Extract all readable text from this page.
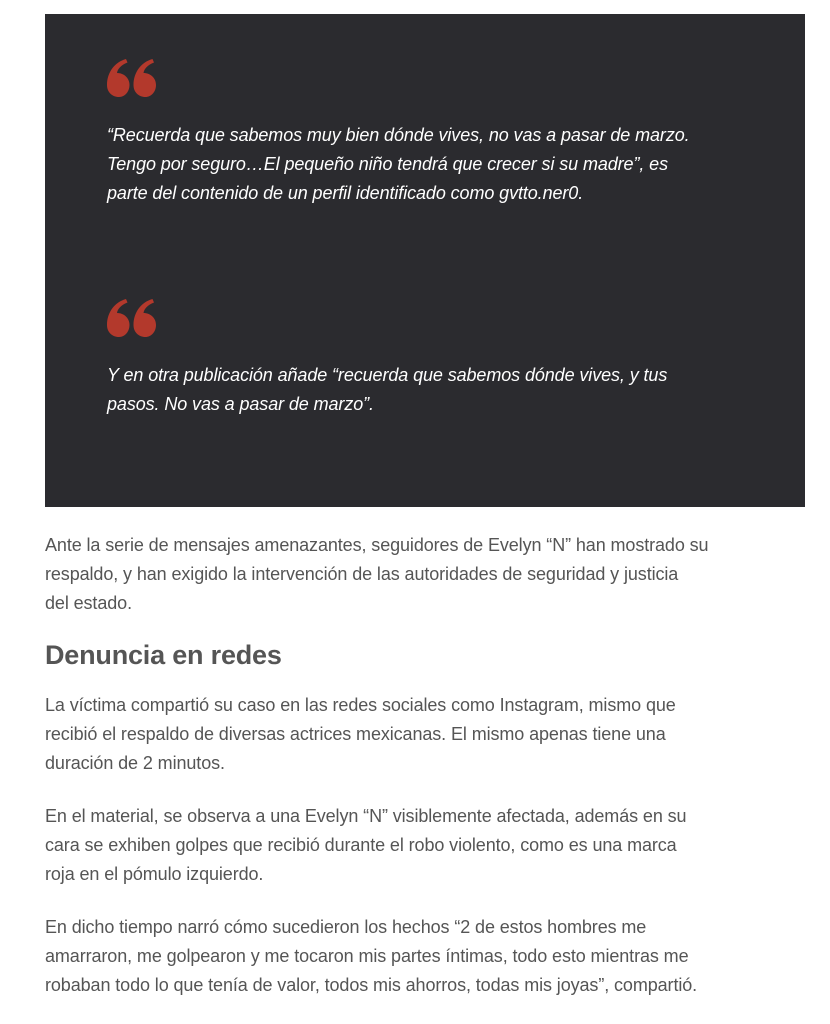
“Recuerda que sabemos muy bien dónde vives, no vas a pasar de marzo.
Tengo por seguro…El pequeño niño tendrá que crecer si su madre”, es
parte del contenido de un perfil identificado como gvtto.ner0.

Y en otra publicación añade “recuerda que sabemos dónde vives, y tus
pasos. No vas a pasar de marzo”.

Ante la serie de mensajes amenazantes, seguidores de Evelyn “N” han mostrado su
respaldo, y han exigido la intervención de las autoridades de seguridad y justicia
del estado.

Denuncia en redes

La víctima compartió su caso en las redes sociales como Instagram, mismo que
recibió el respaldo de diversas actrices mexicanas. El mismo apenas tiene una
duración de 2 minutos.

En el material, se observa a una Evelyn “N” visiblemente afectada, además en su
cara se exhiben golpes que recibió durante el robo violento, como es una marca
roja en el pómulo izquierdo.

En dicho tiempo narró cómo sucedieron los hechos “2 de estos hombres me
amarraron, me golpearon y me tocaron mis partes íntimas, todo esto mientras me
robaban todo lo que tenía de valor, todos mis ahorros, todas mis joyas”, compartió.
